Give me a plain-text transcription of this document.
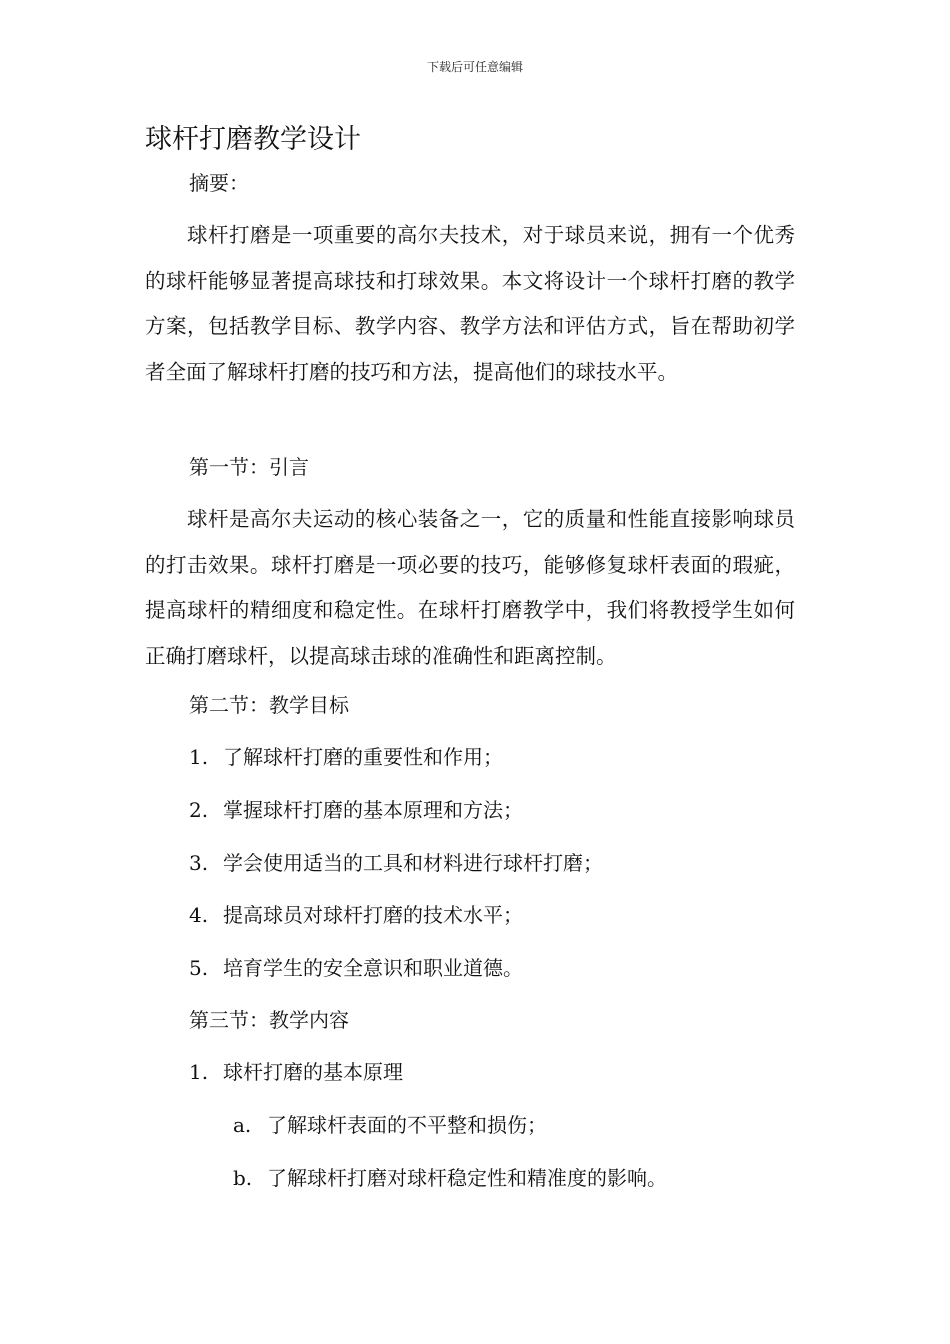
下载后可任意编辑
球杆打磨教学设计

摘要：

球杆打磨是一项重要的高尔夫技术，对于球员来说，拥有一个优秀的球杆能够显著提高球技和打球效果。本文将设计一个球杆打磨的教学方案，包括教学目标、教学内容、教学方法和评估方式，旨在帮助初学者全面了解球杆打磨的技巧和方法，提高他们的球技水平。

第一节：引言

球杆是高尔夫运动的核心装备之一，它的质量和性能直接影响球员的打击效果。球杆打磨是一项必要的技巧，能够修复球杆表面的瑕疵，提高球杆的精细度和稳定性。在球杆打磨教学中，我们将教授学生如何正确打磨球杆，以提高球击球的准确性和距离控制。

第二节：教学目标

1. 了解球杆打磨的重要性和作用；

2. 掌握球杆打磨的基本原理和方法；

3. 学会使用适当的工具和材料进行球杆打磨；

4. 提高球员对球杆打磨的技术水平；

5. 培育学生的安全意识和职业道德。

第三节：教学内容

1. 球杆打磨的基本原理

a. 了解球杆表面的不平整和损伤；

b. 了解球杆打磨对球杆稳定性和精准度的影响。
